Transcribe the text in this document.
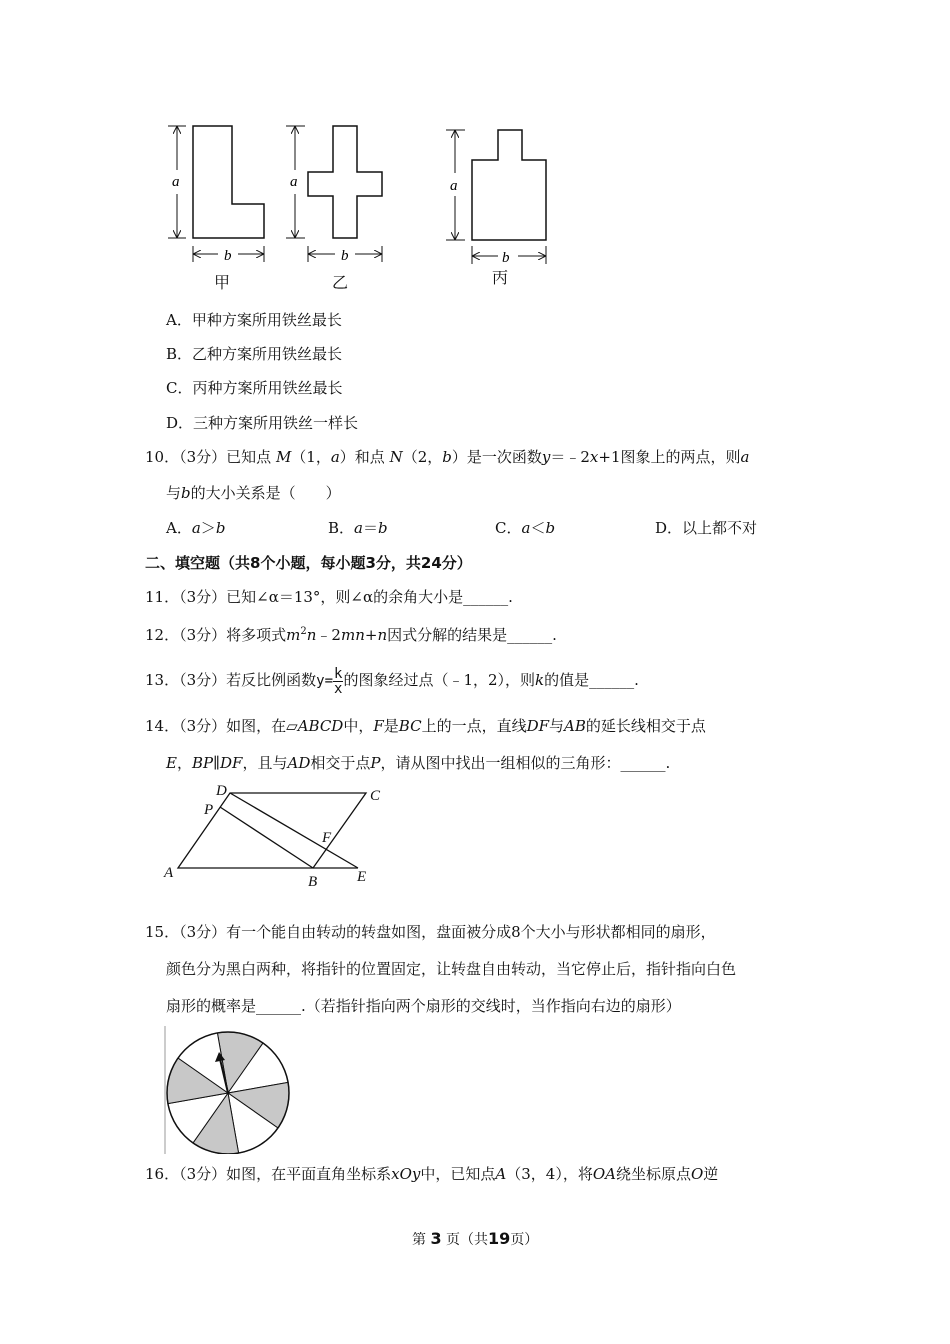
a
b
a
b
a
b
甲	乙	丙
A．甲种方案所用铁丝最长
B．乙种方案所用铁丝最长
C．丙种方案所用铁丝最长
D．三种方案所用铁丝一样长
10．（3分）已知点 M（1，a）和点 N（2，b）是一次函数y＝﹣2x+1图象上的两点，则a
与b的大小关系是（　　）
A．a＞b	B．a＝b	C．a＜b	D．以上都不对
二、填空题（共8个小题，每小题3分，共24分）
11．（3分）已知∠α＝13°，则∠α的余角大小是______.
12．（3分）将多项式$m^2n﹣2mn+n$因式分解的结果是______.
13．（3分）若反比例函数$y= \frac{k}{x}$ 的图象经过点（﹣1，2），则k的值是______.
14．（3分）如图，在▱ABCD中，F是BC上的一点，直线DF与AB的延长线相交于点
E，BP∥DF，且与AD相交于点P，请从图中找出一组相似的三角形：______.
A
B
C
D
E
F
P
15．（3分）有一个能自由转动的转盘如图，盘面被分成8个大小与形状都相同的扇形，
颜色分为黑白两种，将指针的位置固定，让转盘自由转动，当它停止后，指针指向白色
扇形的概率是______.（若指针指向两个扇形的交线时，当作指向右边的扇形）
16．（3分）如图，在平面直角坐标系xOy中，已知点A（3，4），将OA绕坐标原点O逆
第 3 页（共19页）
